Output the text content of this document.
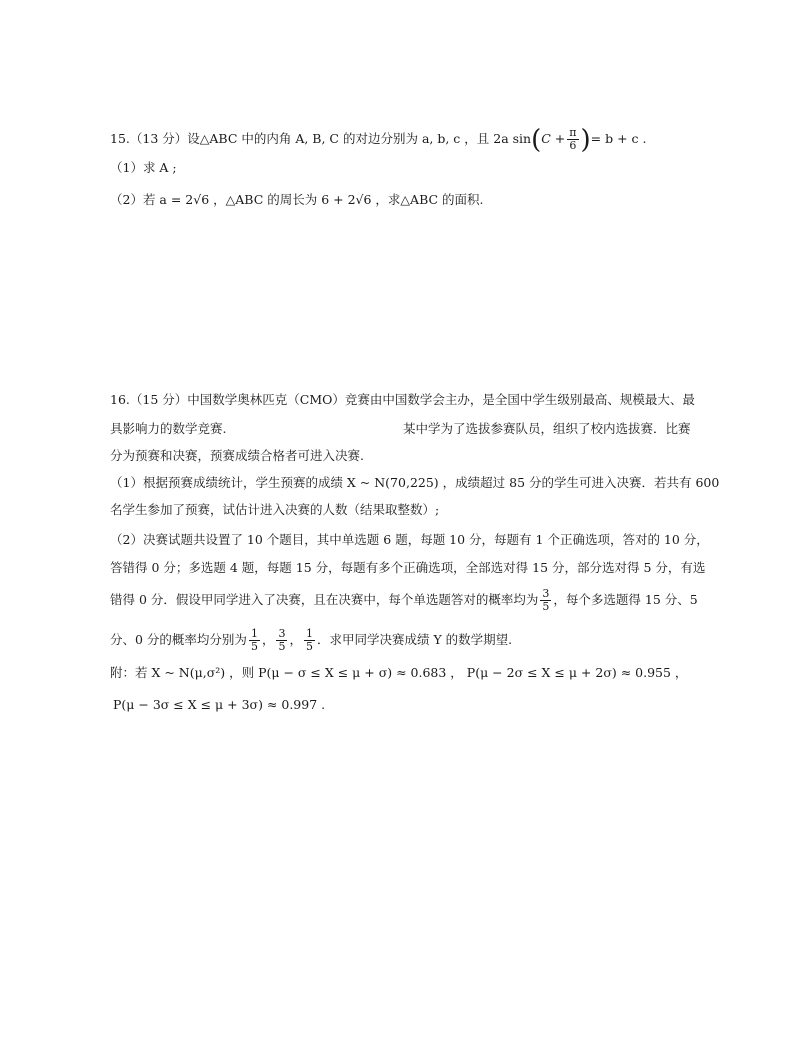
15.（13 分）设△ABC 中的内角 A, B, C 的对边分别为 a, b, c ，且 2a $\sin(C + \frac{\pi}{6}$ )= b + c .
（1）求 A ;
（2）若 a = 2√6 ，△ABC 的周长为 6 + 2√6 ，求△ABC 的面积.
16.（15 分）中国数学奥林匹克（CMO）竞赛由中国数学会主办，是全国中学生级别最高、规模最大、最
具影响力的数学竞赛.	某中学为了选拔参赛队员，组织了校内选拔赛．比赛
分为预赛和决赛，预赛成绩合格者可进入决赛.
（1）根据预赛成绩统计，学生预赛的成绩 X ~ N(70,225) ，成绩超过 85 分的学生可进入决赛．若共有 600
名学生参加了预赛，试估计进入决赛的人数（结果取整数）;
（2）决赛试题共设置了 10 个题目，其中单选题 6 题，每题 10 分，每题有 1 个正确选项，答对的 10 分，
答错得 0 分；多选题 4 题，每题 15 分，每题有多个正确选项，全部选对得 15 分，部分选对得 5 分，有选
错得 0 分．假设甲同学进入了决赛，且在决赛中，每个单选题答对的概率均为 $\frac{3}{5}$ ，每个多选题得 15 分、5
分、0 分的概率均分别为 $\frac{1}{5}$ ， $\frac{3}{5}$ ， $\frac{1}{5}$ ．求甲同学决赛成绩 Y 的数学期望.
附：若 X ~ N(μ,σ²) ，则 P(μ − σ ≤ X ≤ μ + σ) ≈ 0.683 ， P(μ − 2σ ≤ X ≤ μ + 2σ) ≈ 0.955 ，
P(μ − 3σ ≤ X ≤ μ + 3σ) ≈ 0.997 .
